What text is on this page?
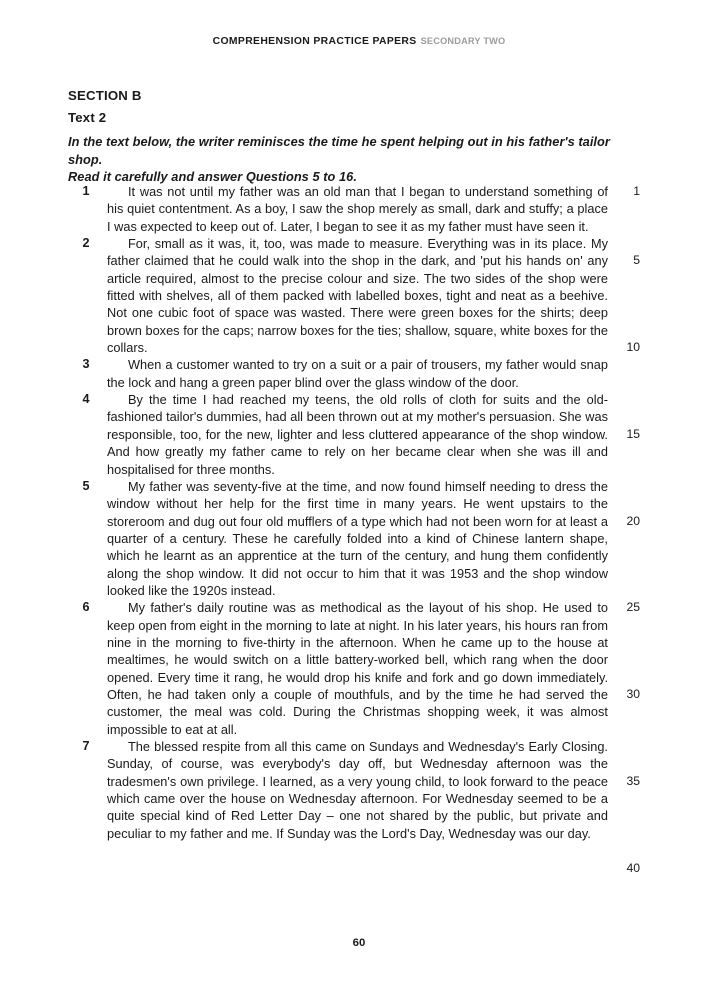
COMPREHENSION PRACTICE PAPERS SECONDARY TWO
SECTION B
Text 2
In the text below, the writer reminisces the time he spent helping out in his father's tailor shop.
Read it carefully and answer Questions 5 to 16.
1	It was not until my father was an old man that I began to understand something of his quiet contentment. As a boy, I saw the shop merely as small, dark and stuffy; a place I was expected to keep out of. Later, I began to see it as my father must have seen it.
2	For, small as it was, it, too, was made to measure. Everything was in its place. My father claimed that he could walk into the shop in the dark, and 'put his hands on' any article required, almost to the precise colour and size. The two sides of the shop were fitted with shelves, all of them packed with labelled boxes, tight and neat as a beehive. Not one cubic foot of space was wasted. There were green boxes for the shirts; deep brown boxes for the caps; narrow boxes for the ties; shallow, square, white boxes for the collars.
3	When a customer wanted to try on a suit or a pair of trousers, my father would snap the lock and hang a green paper blind over the glass window of the door.
4	By the time I had reached my teens, the old rolls of cloth for suits and the old-fashioned tailor's dummies, had all been thrown out at my mother's persuasion. She was responsible, too, for the new, lighter and less cluttered appearance of the shop window. And how greatly my father came to rely on her became clear when she was ill and hospitalised for three months.
5	My father was seventy-five at the time, and now found himself needing to dress the window without her help for the first time in many years. He went upstairs to the storeroom and dug out four old mufflers of a type which had not been worn for at least a quarter of a century. These he carefully folded into a kind of Chinese lantern shape, which he learnt as an apprentice at the turn of the century, and hung them confidently along the shop window. It did not occur to him that it was 1953 and the shop window looked like the 1920s instead.
6	My father's daily routine was as methodical as the layout of his shop. He used to keep open from eight in the morning to late at night. In his later years, his hours ran from nine in the morning to five-thirty in the afternoon. When he came up to the house at mealtimes, he would switch on a little battery-worked bell, which rang when the door opened. Every time it rang, he would drop his knife and fork and go down immediately. Often, he had taken only a couple of mouthfuls, and by the time he had served the customer, the meal was cold. During the Christmas shopping week, it was almost impossible to eat at all.
7	The blessed respite from all this came on Sundays and Wednesday's Early Closing. Sunday, of course, was everybody's day off, but Wednesday afternoon was the tradesmen's own privilege. I learned, as a very young child, to look forward to the peace which came over the house on Wednesday afternoon. For Wednesday seemed to be a quite special kind of Red Letter Day – one not shared by the public, but private and peculiar to my father and me. If Sunday was the Lord's Day, Wednesday was our day.
1
5
10
15
20
25
30
35
40
60
